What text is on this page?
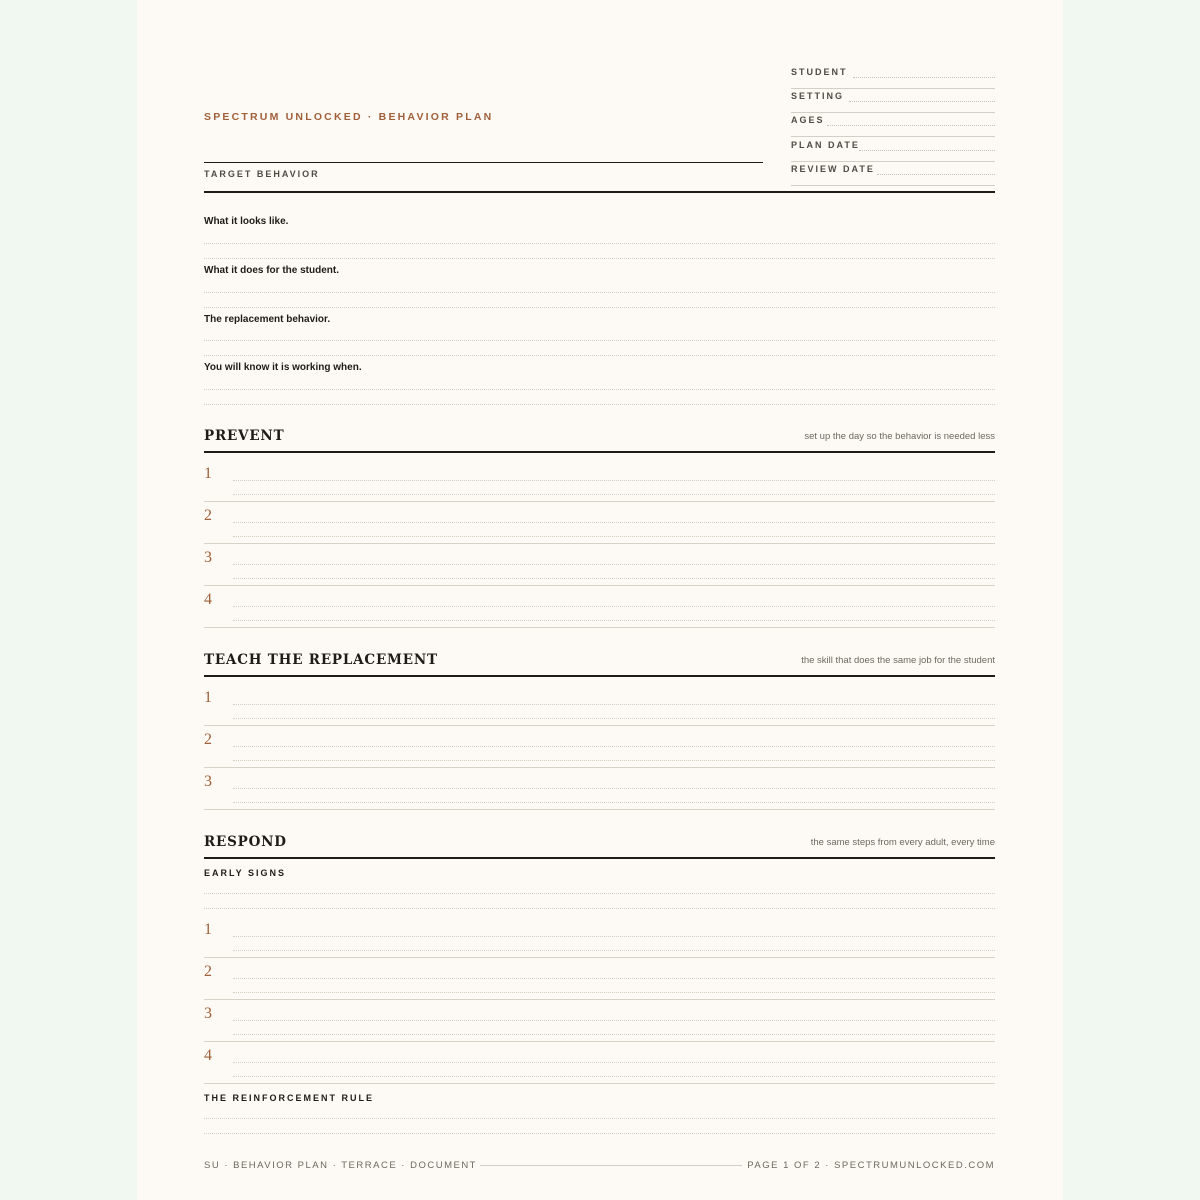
SPECTRUM UNLOCKED · BEHAVIOR PLAN
TARGET BEHAVIOR
STUDENT
SETTING
AGES
PLAN DATE
REVIEW DATE
What it looks like.
What it does for the student.
The replacement behavior.
You will know it is working when.
PREVENT	set up the day so the behavior is needed less
1
2
3
4
TEACH THE REPLACEMENT	the skill that does the same job for the student
1
2
3
RESPOND	the same steps from every adult, every time
EARLY SIGNS
1
2
3
4
THE REINFORCEMENT RULE
SU · BEHAVIOR PLAN · TERRACE · DOCUMENT	PAGE 1 OF 2 · SPECTRUMUNLOCKED.COM
